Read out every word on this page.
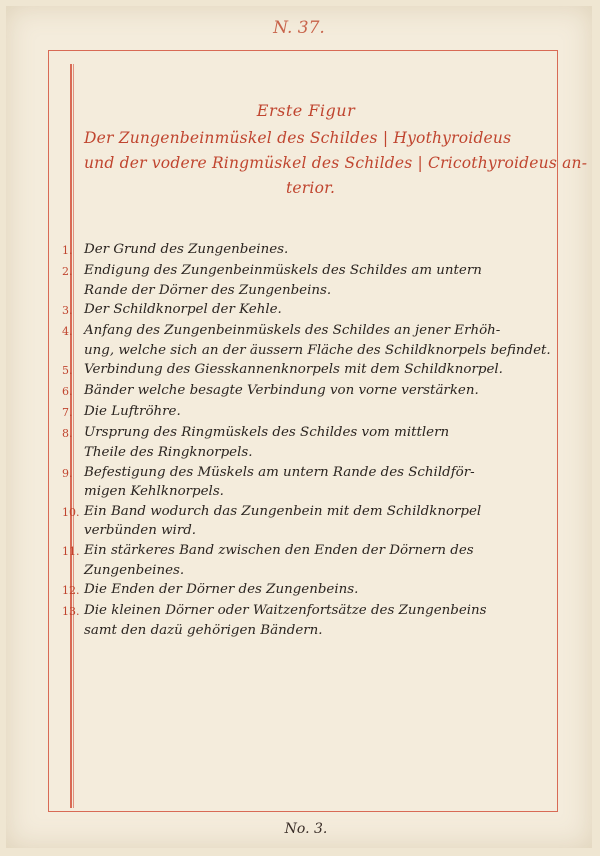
N. 37.
Erste Figur
Der Zungenbeinmüskel des Schildes | Hyothyroideus
und der vodere Ringmüskel des Schildes | Cricothyroideus an-
terior.
1. Der Grund des Zungenbeines.
2. Endigung des Zungenbeinmüskels des Schildes am untern
Rande der Dörner des Zungenbeins.
3. Der Schildknorpel der Kehle.
4. Anfang des Zungenbeinmüskels des Schildes an jener Erhöh-
ung, welche sich an der äussern Fläche des Schildknorpels befindet.
5. Verbindung des Giesskannenknorpels mit dem Schildknorpel.
6. Bänder welche besagte Verbindung von vorne verstärken.
7. Die Luftröhre.
8. Ursprung des Ringmüskels des Schildes vom mittlern
Theile des Ringknorpels.
9. Befestigung des Müskels am untern Rande des Schildför-
migen Kehlknorpels.
10. Ein Band wodurch das Zungenbein mit dem Schildknorpel
verbünden wird.
11. Ein stärkeres Band zwischen den Enden der Dörnern des
Zungenbeines.
12. Die Enden der Dörner des Zungenbeins.
13. Die kleinen Dörner oder Waitzenfortsätze des Zungenbeins
samt den dazü gehörigen Bändern.
No. 3.
